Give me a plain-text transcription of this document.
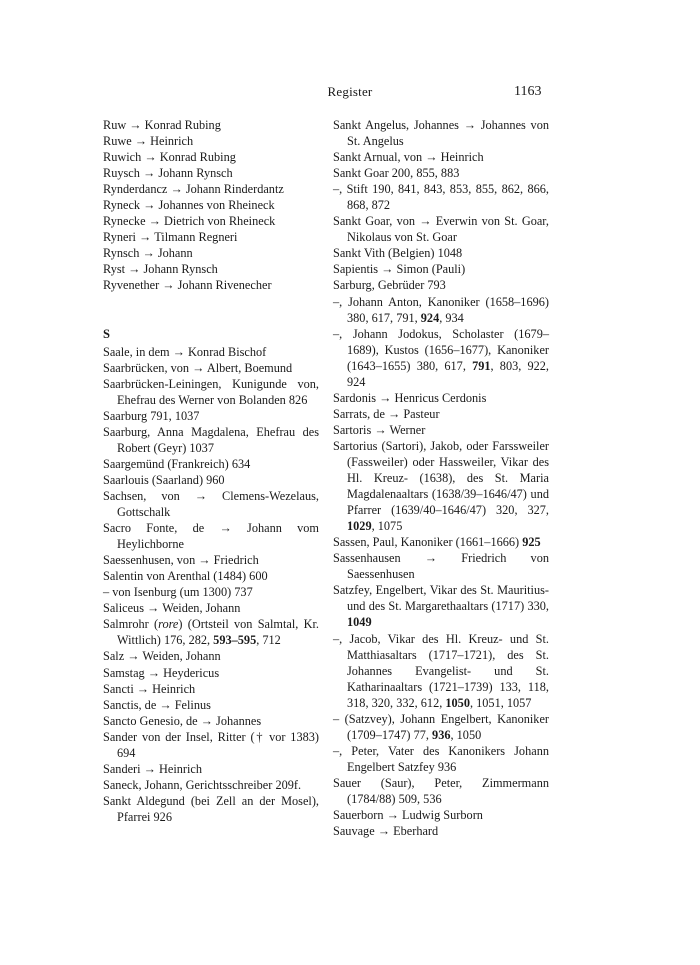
Register	1163
Ruw → Konrad Rubing
Ruwe → Heinrich
Ruwich → Konrad Rubing
Ruysch → Johann Rynsch
Rynderdancz → Johann Rinderdantz
Ryneck → Johannes von Rheineck
Rynecke → Dietrich von Rheineck
Ryneri → Tilmann Regneri
Rynsch → Johann
Ryst → Johann Rynsch
Ryvenether → Johann Rivenecher
S
Saale, in dem → Konrad Bischof
Saarbrücken, von → Albert, Boemund
Saarbrücken-Leiningen, Kunigunde von, Ehefrau des Werner von Bolanden 826
Saarburg 791, 1037
Saarburg, Anna Magdalena, Ehefrau des Robert (Geyr) 1037
Saargemünd (Frankreich) 634
Saarlouis (Saarland) 960
Sachsen, von → Clemens-Wezelaus, Gottschalk
Sacro Fonte, de → Johann vom Heylichborne
Saessenhusen, von → Friedrich
Salentin von Arenthal (1484) 600
– von Isenburg (um 1300) 737
Saliceus → Weiden, Johann
Salmrohr (rore) (Ortsteil von Salmtal, Kr. Wittlich) 176, 282, 593–595, 712
Salz → Weiden, Johann
Samstag → Heydericus
Sancti → Heinrich
Sanctis, de → Felinus
Sancto Genesio, de → Johannes
Sander von der Insel, Ritter († vor 1383) 694
Sanderi → Heinrich
Saneck, Johann, Gerichtsschreiber 209f.
Sankt Aldegund (bei Zell an der Mosel), Pfarrei 926
Sankt Angelus, Johannes → Johannes von St. Angelus
Sankt Arnual, von → Heinrich
Sankt Goar 200, 855, 883
–, Stift 190, 841, 843, 853, 855, 862, 866, 868, 872
Sankt Goar, von → Everwin von St. Goar, Nikolaus von St. Goar
Sankt Vith (Belgien) 1048
Sapientis → Simon (Pauli)
Sarburg, Gebrüder 793
–, Johann Anton, Kanoniker (1658–1696) 380, 617, 791, 924, 934
–, Johann Jodokus, Scholaster (1679–1689), Kustos (1656–1677), Kanoniker (1643–1655) 380, 617, 791, 803, 922, 924
Sardonis → Henricus Cerdonis
Sarrats, de → Pasteur
Sartoris → Werner
Sartorius (Sartori), Jakob, oder Farssweiler (Fassweiler) oder Hassweiler, Vikar des Hl. Kreuz- (1638), des St. Maria Magdalenaaltars (1638/39–1646/47) und Pfarrer (1639/40–1646/47) 320, 327, 1029, 1075
Sassen, Paul, Kanoniker (1661–1666) 925
Sassenhausen → Friedrich von Saessenhusen
Satzfey, Engelbert, Vikar des St. Mauritius- und des St. Margarethaaltars (1717) 330, 1049
–, Jacob, Vikar des Hl. Kreuz- und St. Matthiasaltars (1717–1721), des St. Johannes Evangelist- und St. Katharinaaltars (1721–1739) 133, 118, 318, 320, 332, 612, 1050, 1051, 1057
– (Satzvey), Johann Engelbert, Kanoniker (1709–1747) 77, 936, 1050
–, Peter, Vater des Kanonikers Johann Engelbert Satzfey 936
Sauer (Saur), Peter, Zimmermann (1784/88) 509, 536
Sauerborn → Ludwig Surborn
Sauvage → Eberhard
